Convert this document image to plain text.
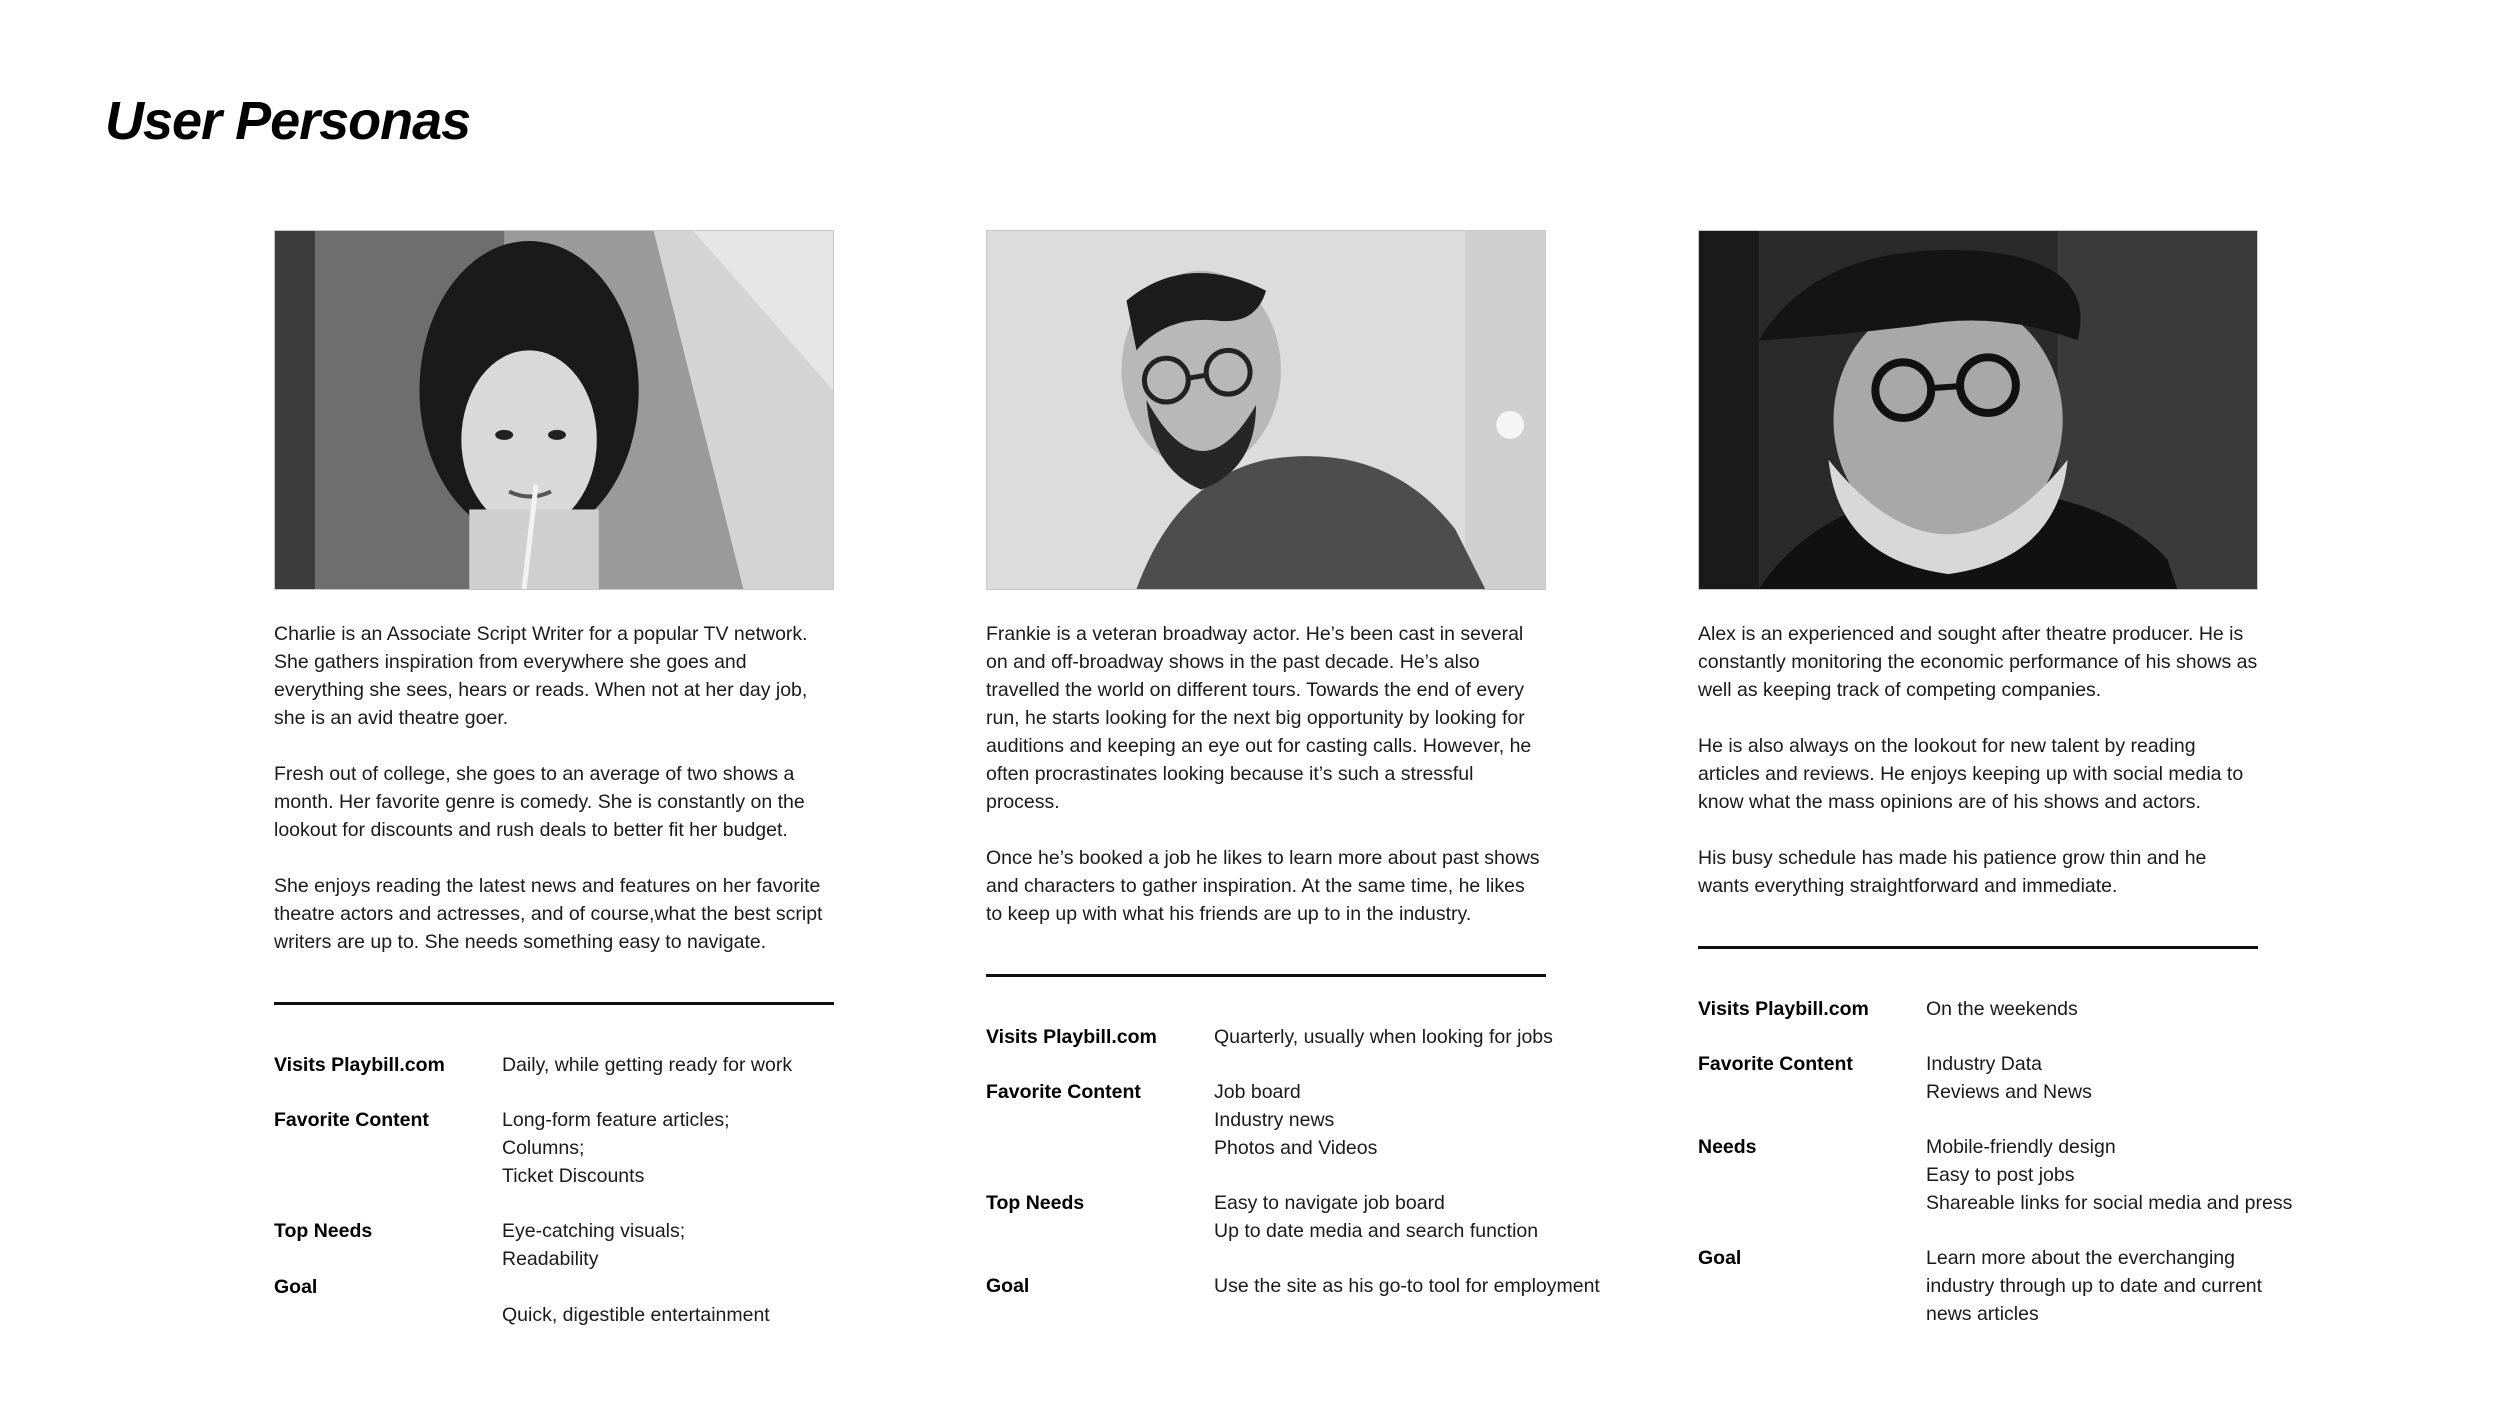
User Personas

Charlie is an Associate Script Writer for a popular TV network. She gathers inspiration from everywhere she goes and everything she sees, hears or reads. When not at her day job, she is an avid theatre goer.

Fresh out of college, she goes to an average of two shows a month. Her favorite genre is comedy. She is constantly on the lookout for discounts and rush deals to better fit her budget.

She enjoys reading the latest news and features on her favorite theatre actors and actresses, and of course,what the best script writers are up to. She needs something easy to navigate.

Visits Playbill.com	Daily, while getting ready for work
Favorite Content	Long-form feature articles;
Columns;
Ticket Discounts
Top Needs	Eye-catching visuals;
Readability
Goal
Quick, digestible entertainment

Frankie is a veteran broadway actor. He’s been cast in several on and off-broadway shows in the past decade. He’s also travelled the world on different tours. Towards the end of every run, he starts looking for the next big opportunity by looking for auditions and keeping an eye out for casting calls. However, he often procrastinates looking because it’s such a stressful process.

Once he’s booked a job he likes to learn more about past shows and characters to gather inspiration. At the same time, he likes to keep up with what his friends are up to in the industry.

Visits Playbill.com	Quarterly, usually when looking for jobs
Favorite Content	Job board
Industry news
Photos and Videos
Top Needs	Easy to navigate job board
Up to date media and search function
Goal	Use the site as his go-to tool for employment

Alex is an experienced and sought after theatre producer. He is constantly monitoring the economic performance of his shows as well as keeping track of competing companies.

He is also always on the lookout for new talent by reading articles and reviews. He enjoys keeping up with social media to know what the mass opinions are of his shows and actors.

His busy schedule has made his patience grow thin and he wants everything straightforward and immediate.

Visits Playbill.com	On the weekends
Favorite Content	Industry Data
Reviews and News
Needs	Mobile-friendly design
Easy to post jobs
Shareable links for social media and press
Goal	Learn more about the everchanging
industry through up to date and current
news articles
